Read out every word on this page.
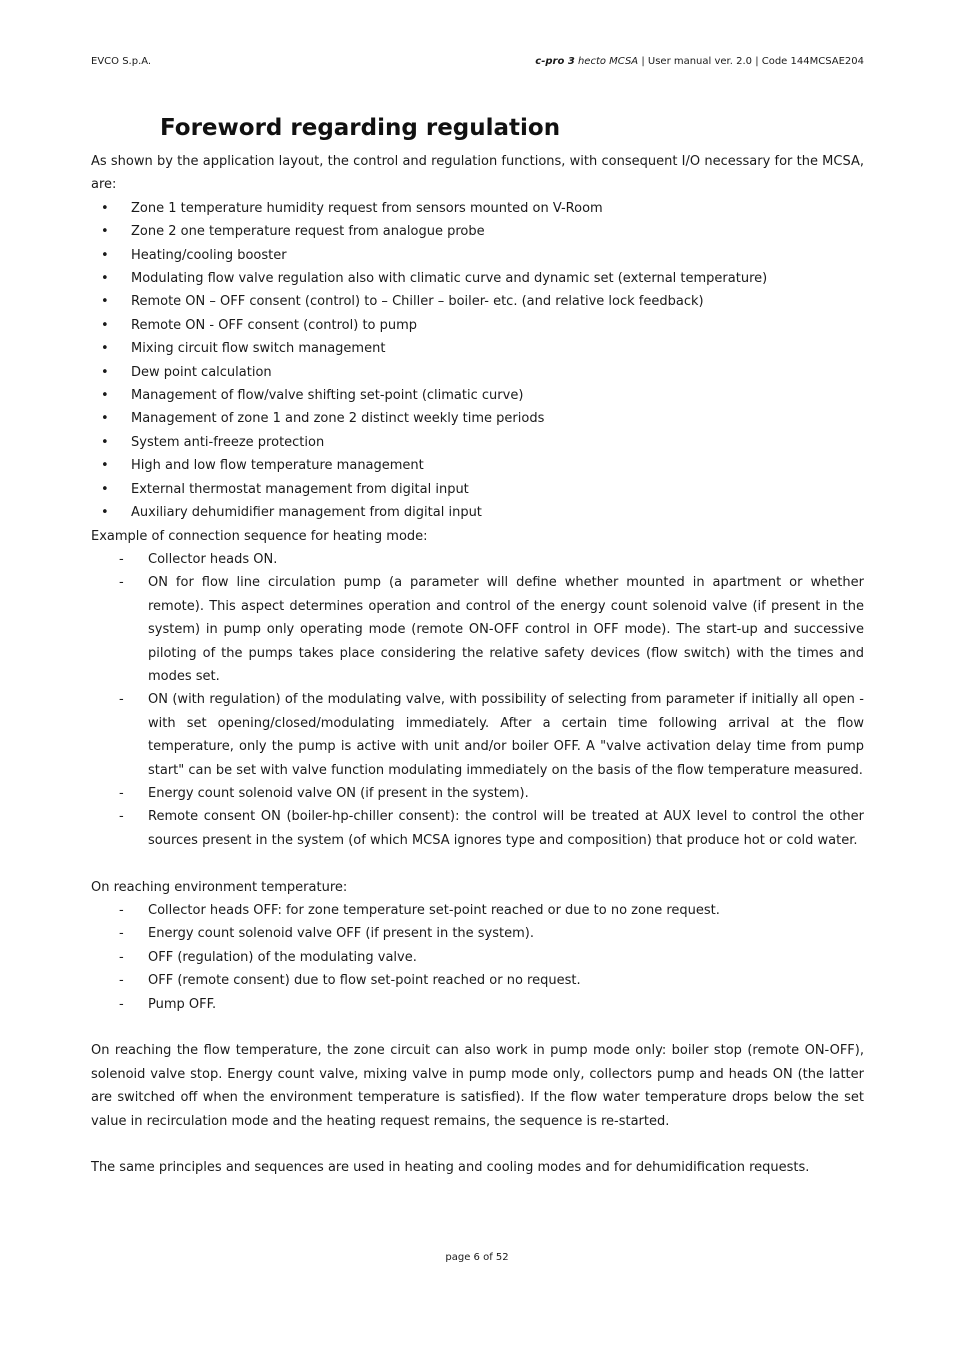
EVCO S.p.A.	c-pro 3 hecto MCSA | User manual ver. 2.0 | Code 144MCSAE204
Foreword regarding regulation

As shown by the application layout, the control and regulation functions, with consequent I/O necessary for the MCSA, are:

• Zone 1 temperature humidity request from sensors mounted on V-Room
• Zone 2 one temperature request from analogue probe
• Heating/cooling booster
• Modulating flow valve regulation also with climatic curve and dynamic set (external temperature)
• Remote ON – OFF consent (control) to – Chiller – boiler- etc. (and relative lock feedback)
• Remote ON - OFF consent (control) to pump
• Mixing circuit flow switch management
• Dew point calculation
• Management of flow/valve shifting set-point (climatic curve)
• Management of zone 1 and zone 2 distinct weekly time periods
• System anti-freeze protection
• High and low flow temperature management
• External thermostat management from digital input
• Auxiliary dehumidifier management from digital input

Example of connection sequence for heating mode:

- Collector heads ON.
- ON for flow line circulation pump (a parameter will define whether mounted in apartment or whether remote). This aspect determines operation and control of the energy count solenoid valve (if present in the system) in pump only operating mode (remote ON-OFF control in OFF mode). The start-up and successive piloting of the pumps takes place considering the relative safety devices (flow switch) with the times and modes set.
- ON (with regulation) of the modulating valve, with possibility of selecting from parameter if initially all open - with set opening/closed/modulating immediately. After a certain time following arrival at the flow temperature, only the pump is active with unit and/or boiler OFF. A "valve activation delay time from pump start" can be set with valve function modulating immediately on the basis of the flow temperature measured.
- Energy count solenoid valve ON (if present in the system).
- Remote consent ON (boiler-hp-chiller consent): the control will be treated at AUX level to control the other sources present in the system (of which MCSA ignores type and composition) that produce hot or cold water.

On reaching environment temperature:

- Collector heads OFF: for zone temperature set-point reached or due to no zone request.
- Energy count solenoid valve OFF (if present in the system).
- OFF (regulation) of the modulating valve.
- OFF (remote consent) due to flow set-point reached or no request.
- Pump OFF.

On reaching the flow temperature, the zone circuit can also work in pump mode only: boiler stop (remote ON-OFF), solenoid valve stop. Energy count valve, mixing valve in pump mode only, collectors pump and heads ON (the latter are switched off when the environment temperature is satisfied). If the flow water temperature drops below the set value in recirculation mode and the heating request remains, the sequence is re-started.

The same principles and sequences are used in heating and cooling modes and for dehumidification requests.

page 6 of 52
